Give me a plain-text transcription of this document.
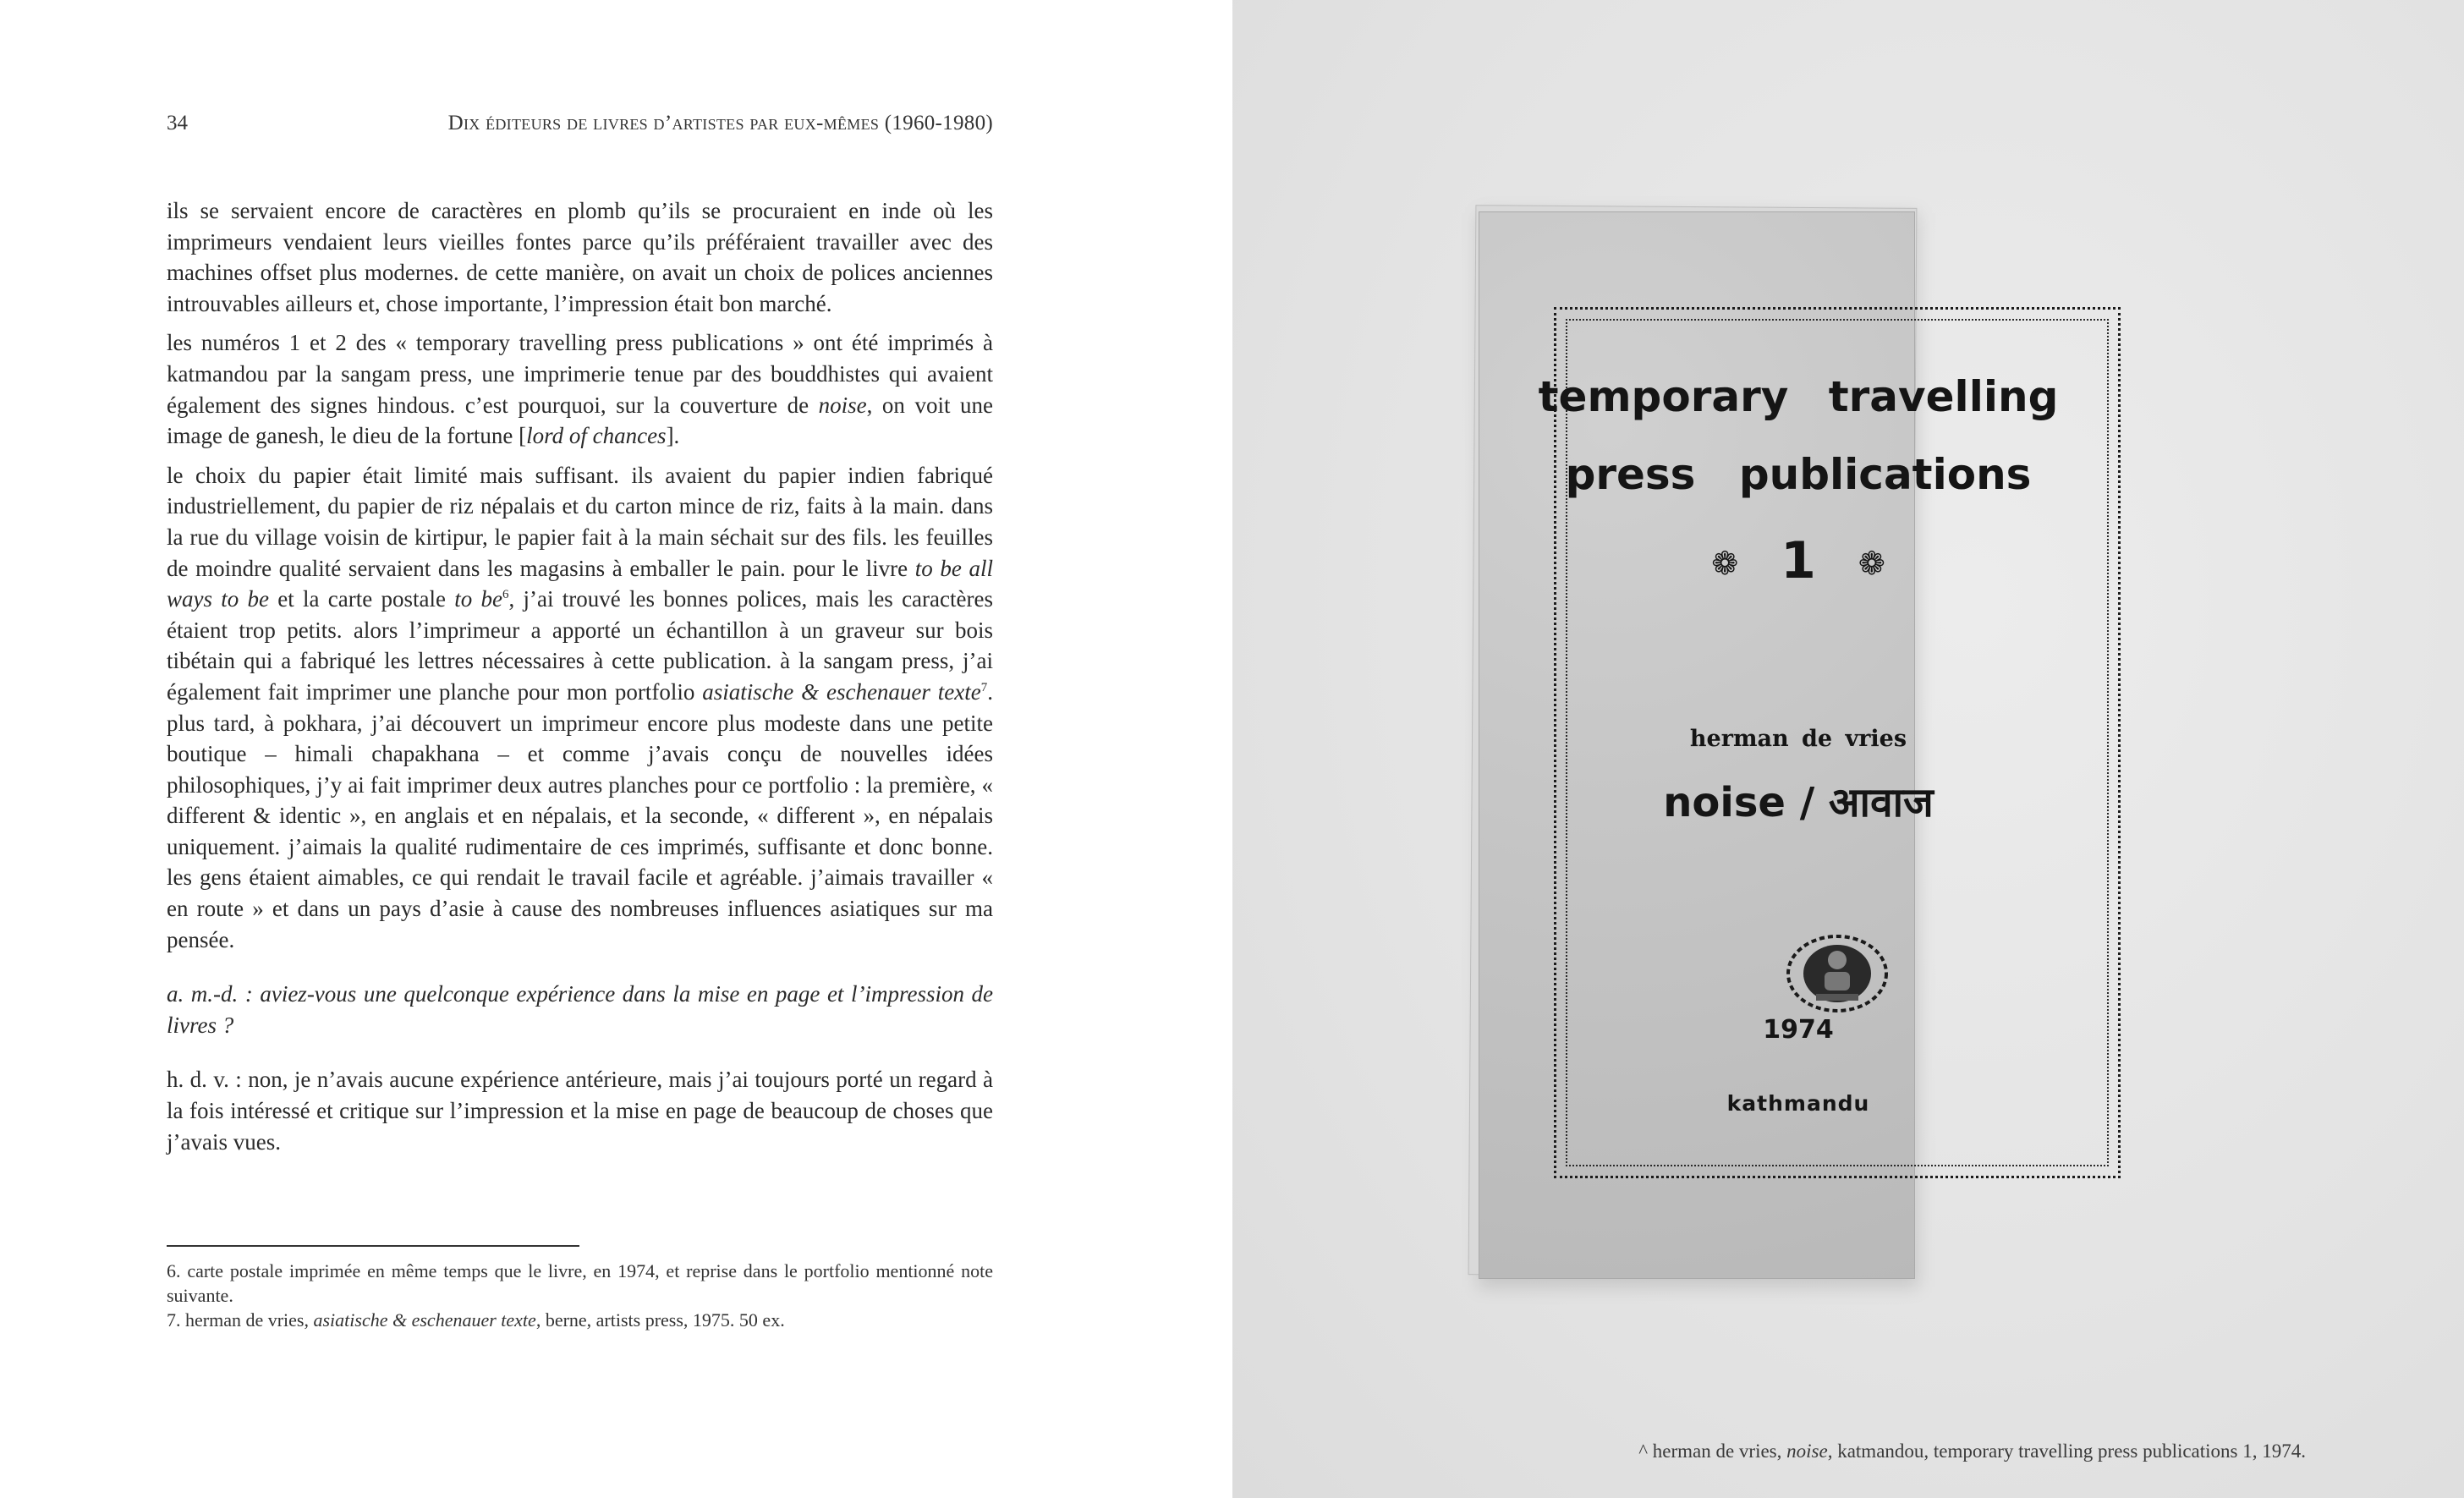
34	Dix éditeurs de livres d’artistes par eux-mêmes (1960-1980)

ils se servaient encore de caractères en plomb qu’ils se procuraient en inde où les imprimeurs vendaient leurs vieilles fontes parce qu’ils préféraient travailler avec des machines offset plus modernes. de cette manière, on avait un choix de polices anciennes introuvables ailleurs et, chose importante, l’impression était bon marché.

les numéros 1 et 2 des « temporary travelling press publications » ont été imprimés à katmandou par la sangam press, une imprimerie tenue par des bouddhistes qui avaient également des signes hindous. c’est pourquoi, sur la couverture de noise, on voit une image de ganesh, le dieu de la fortune [lord of chances].

le choix du papier était limité mais suffisant. ils avaient du papier indien fabriqué industriellement, du papier de riz népalais et du carton mince de riz, faits à la main. dans la rue du village voisin de kirtipur, le papier fait à la main séchait sur des fils. les feuilles de moindre qualité servaient dans les magasins à emballer le pain. pour le livre to be all ways to be et la carte postale to $be^6$, j’ai trouvé les bonnes polices, mais les caractères étaient trop petits. alors l’imprimeur a apporté un échantillon à un graveur sur bois tibétain qui a fabriqué les lettres nécessaires à cette publication. à la sangam press, j’ai également fait imprimer une planche pour mon portfolio asiatische & eschenauer texte$^7$. plus tard, à pokhara, j’ai découvert un imprimeur encore plus modeste dans une petite boutique – himali chapakhana – et comme j’avais conçu de nouvelles idées philosophiques, j’y ai fait imprimer deux autres planches pour ce portfolio : la première, « different & identic », en anglais et en népalais, et la seconde, « different », en népalais uniquement. j’aimais la qualité rudimentaire de ces imprimés, suffisante et donc bonne. les gens étaient aimables, ce qui rendait le travail facile et agréable. j’aimais travailler « en route » et dans un pays d’asie à cause des nombreuses influences asiatiques sur ma pensée.

a. m.-d. : aviez-vous une quelconque expérience dans la mise en page et l’impression de livres ?

h. d. v. : non, je n’avais aucune expérience antérieure, mais j’ai toujours porté un regard à la fois intéressé et critique sur l’impression et la mise en page de beaucoup de choses que j’avais vues.

6. carte postale imprimée en même temps que le livre, en 1974, et reprise dans le portfolio mentionné note suivante.

7. herman de vries, asiatische & eschenauer texte, berne, artists press, 1975. 50 ex.

temporary travelling
press publications
❁ 1 ❁
herman de vries
noise / आवाज
1974
kathmandu
^ herman de vries, noise, katmandou, temporary travelling press publications 1, 1974.
